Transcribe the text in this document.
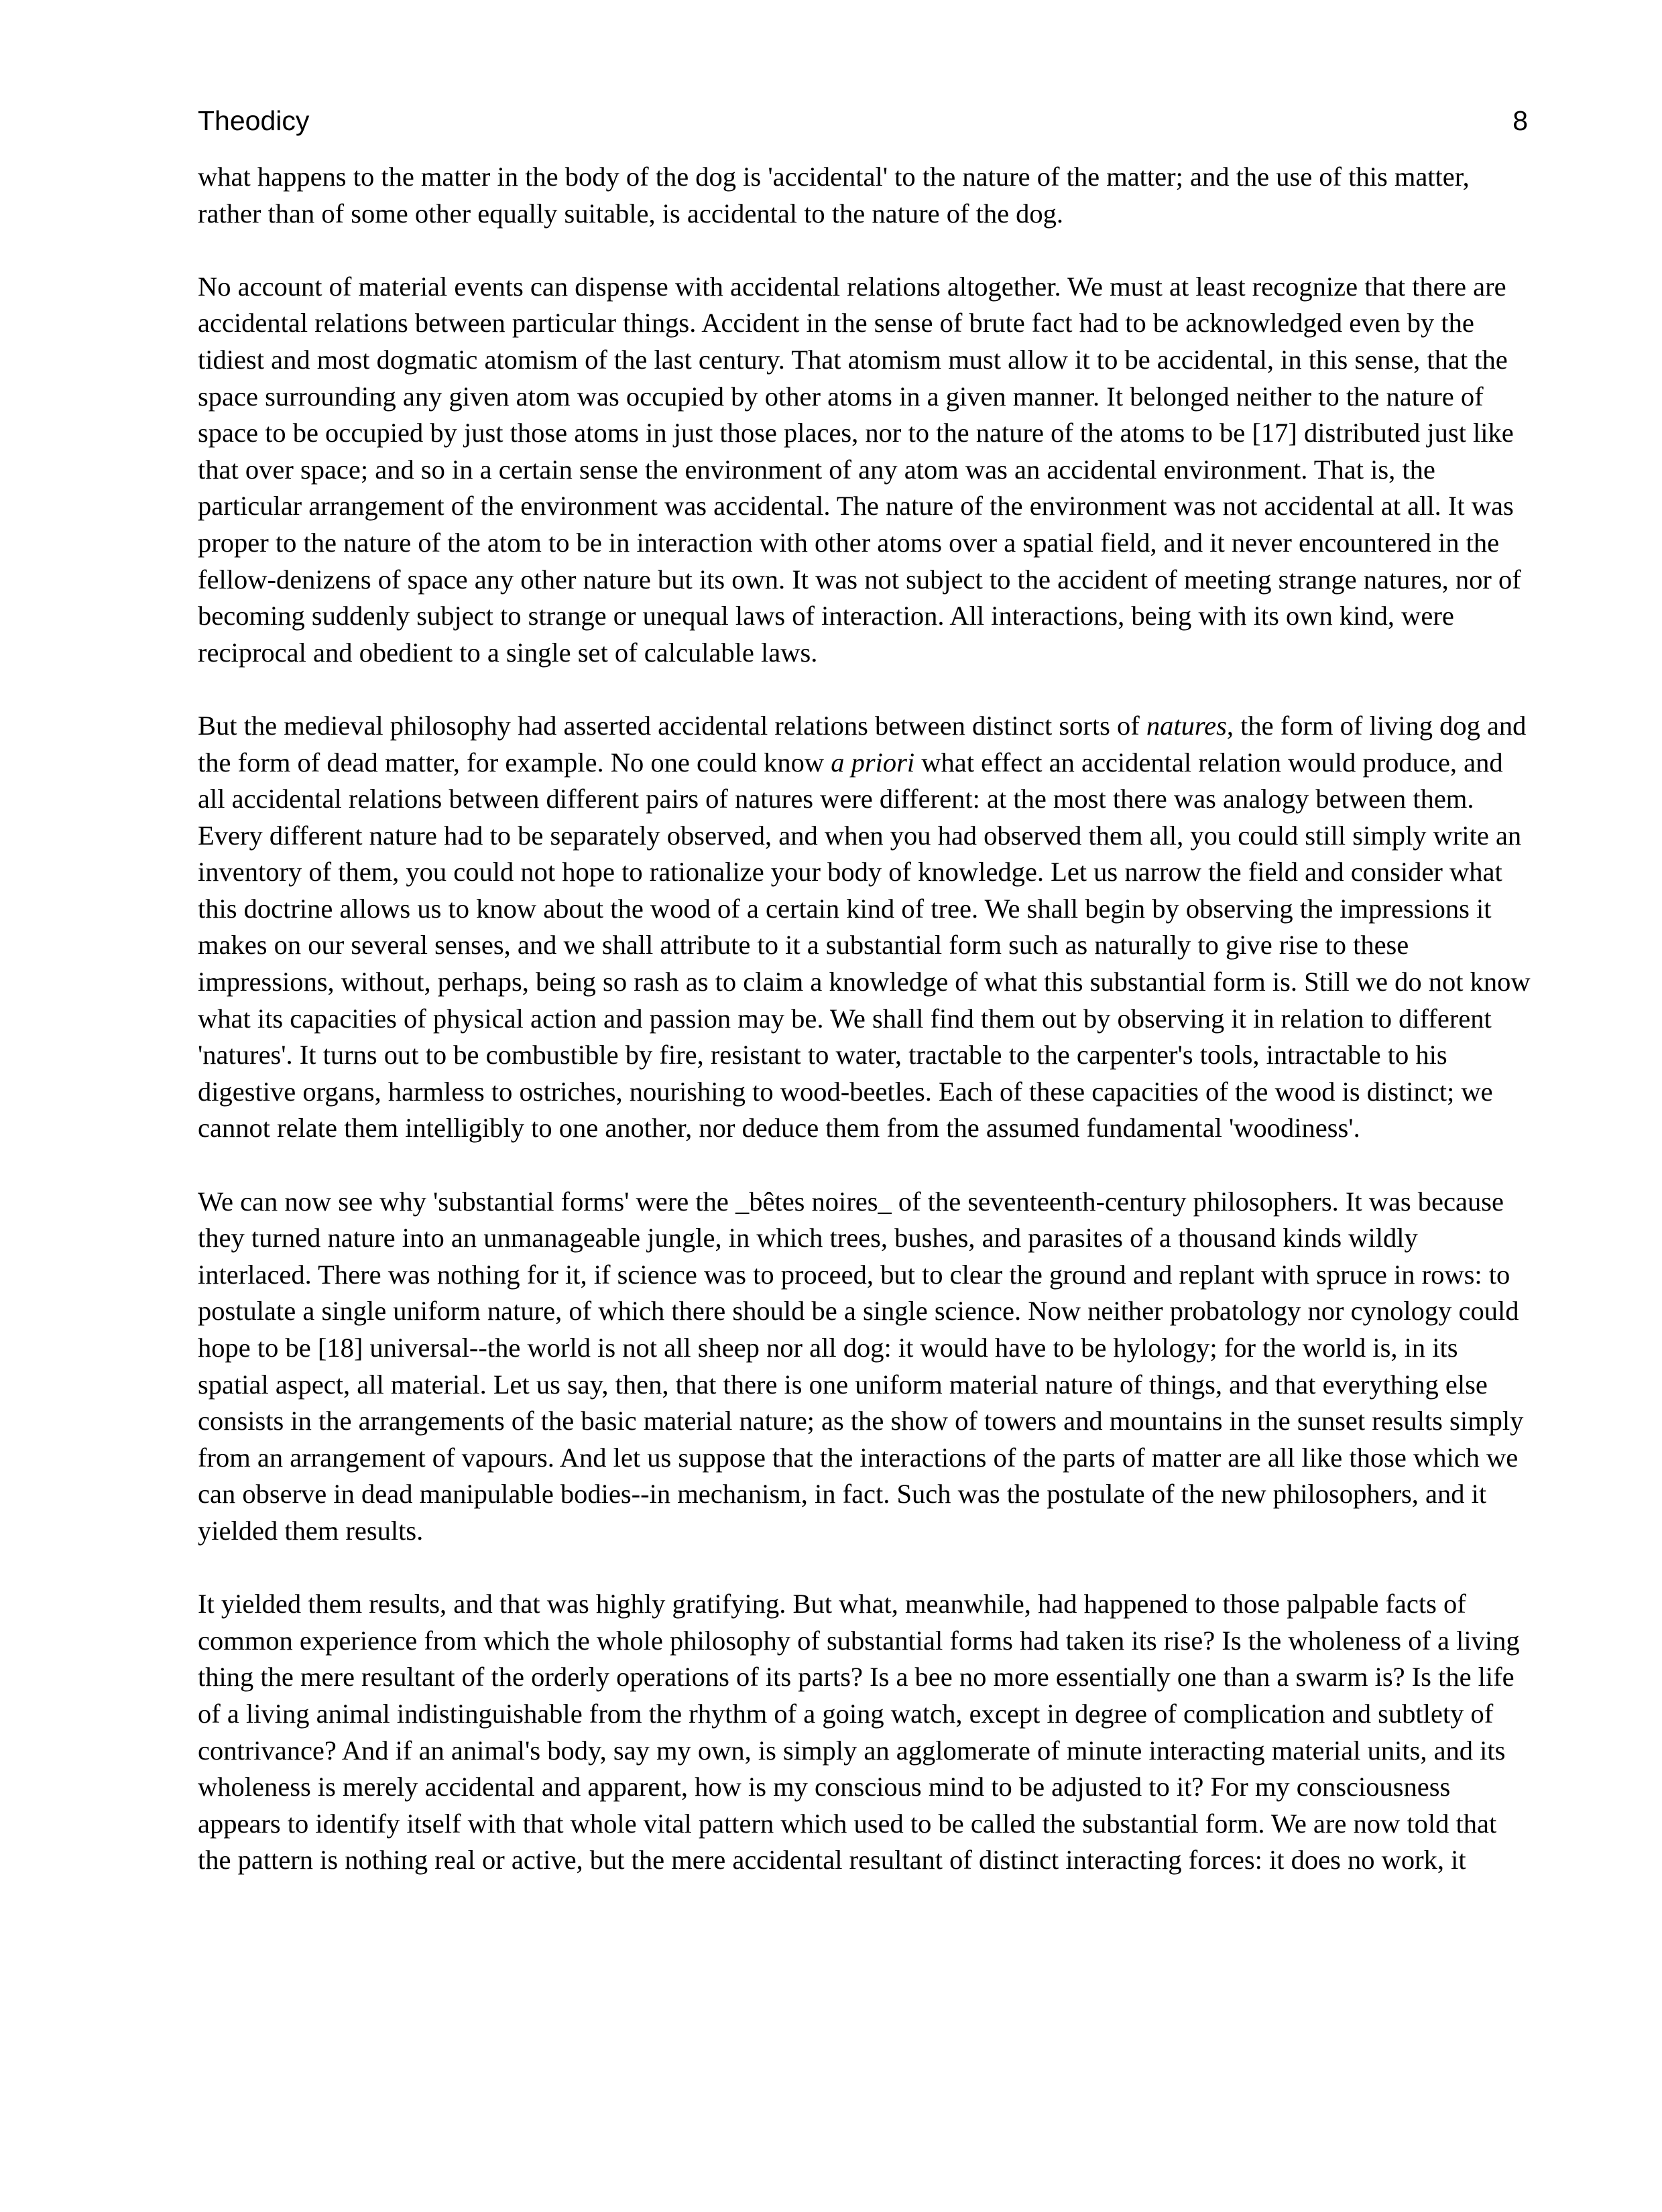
Theodicy	8

what happens to the matter in the body of the dog is 'accidental' to the nature of the matter; and the use of this matter, rather than of some other equally suitable, is accidental to the nature of the dog.

No account of material events can dispense with accidental relations altogether. We must at least recognize that there are accidental relations between particular things. Accident in the sense of brute fact had to be acknowledged even by the tidiest and most dogmatic atomism of the last century. That atomism must allow it to be accidental, in this sense, that the space surrounding any given atom was occupied by other atoms in a given manner. It belonged neither to the nature of space to be occupied by just those atoms in just those places, nor to the nature of the atoms to be [17] distributed just like that over space; and so in a certain sense the environment of any atom was an accidental environment. That is, the particular arrangement of the environment was accidental. The nature of the environment was not accidental at all. It was proper to the nature of the atom to be in interaction with other atoms over a spatial field, and it never encountered in the fellow-denizens of space any other nature but its own. It was not subject to the accident of meeting strange natures, nor of becoming suddenly subject to strange or unequal laws of interaction. All interactions, being with its own kind, were reciprocal and obedient to a single set of calculable laws.

But the medieval philosophy had asserted accidental relations between distinct sorts of natures, the form of living dog and the form of dead matter, for example. No one could know a priori what effect an accidental relation would produce, and all accidental relations between different pairs of natures were different: at the most there was analogy between them. Every different nature had to be separately observed, and when you had observed them all, you could still simply write an inventory of them, you could not hope to rationalize your body of knowledge. Let us narrow the field and consider what this doctrine allows us to know about the wood of a certain kind of tree. We shall begin by observing the impressions it makes on our several senses, and we shall attribute to it a substantial form such as naturally to give rise to these impressions, without, perhaps, being so rash as to claim a knowledge of what this substantial form is. Still we do not know what its capacities of physical action and passion may be. We shall find them out by observing it in relation to different 'natures'. It turns out to be combustible by fire, resistant to water, tractable to the carpenter's tools, intractable to his digestive organs, harmless to ostriches, nourishing to wood-beetles. Each of these capacities of the wood is distinct; we cannot relate them intelligibly to one another, nor deduce them from the assumed fundamental 'woodiness'.

We can now see why 'substantial forms' were the _bêtes noires_ of the seventeenth-century philosophers. It was because they turned nature into an unmanageable jungle, in which trees, bushes, and parasites of a thousand kinds wildly interlaced. There was nothing for it, if science was to proceed, but to clear the ground and replant with spruce in rows: to postulate a single uniform nature, of which there should be a single science. Now neither probatology nor cynology could hope to be [18] universal--the world is not all sheep nor all dog: it would have to be hylology; for the world is, in its spatial aspect, all material. Let us say, then, that there is one uniform material nature of things, and that everything else consists in the arrangements of the basic material nature; as the show of towers and mountains in the sunset results simply from an arrangement of vapours. And let us suppose that the interactions of the parts of matter are all like those which we can observe in dead manipulable bodies--in mechanism, in fact. Such was the postulate of the new philosophers, and it yielded them results.

It yielded them results, and that was highly gratifying. But what, meanwhile, had happened to those palpable facts of common experience from which the whole philosophy of substantial forms had taken its rise? Is the wholeness of a living thing the mere resultant of the orderly operations of its parts? Is a bee no more essentially one than a swarm is? Is the life of a living animal indistinguishable from the rhythm of a going watch, except in degree of complication and subtlety of contrivance? And if an animal's body, say my own, is simply an agglomerate of minute interacting material units, and its wholeness is merely accidental and apparent, how is my conscious mind to be adjusted to it? For my consciousness appears to identify itself with that whole vital pattern which used to be called the substantial form. We are now told that the pattern is nothing real or active, but the mere accidental resultant of distinct interacting forces: it does no work, it
